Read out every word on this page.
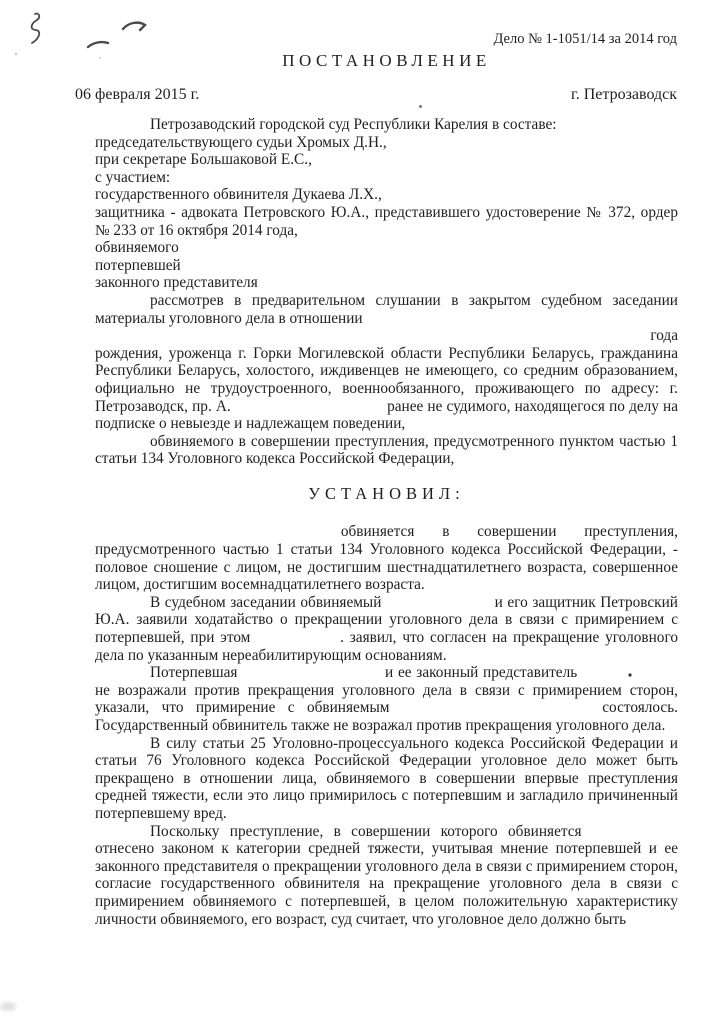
Дело № 1-1051/14 за 2014 год
ПОСТАНОВЛЕНИЕ
06 февраля 2015 г.	г. Петрозаводск
Петрозаводский городской суд Республики Карелия в составе:
председательствующего судьи Хромых Д.Н.,
при секретаре Большаковой Е.С.,
с участием:
государственного обвинителя Дукаева Л.Х.,

защитника - адвоката Петровского Ю.А., представившего удостоверение № 372, ордер № 233 от 16 октября 2014 года,

обвиняемого
потерпевшей
законного представителя

рассмотрев в предварительном слушании в закрытом судебном заседании материалы уголовного дела в отношении

года

рождения, уроженца г. Горки Могилевской области Республики Беларусь, гражданина Республики Беларусь, холостого, иждивенцев не имеющего, со средним образованием, официально не трудоустроенного, военнообязанного, проживающего по адресу: г. Петрозаводск, пр. А.	ранее не судимого, находящегося по делу на подписке о невыезде и надлежащем поведении,

обвиняемого в совершении преступления, предусмотренного пунктом частью 1 статьи 134 Уголовного кодекса Российской Федерации,

УСТАНОВИЛ:

обвиняется в совершении преступления, предусмотренного частью 1 статьи 134 Уголовного кодекса Российской Федерации, - половое сношение с лицом, не достигшим шестнадцатилетнего возраста, совершенное лицом, достигшим восемнадцатилетнего возраста.

В судебном заседании обвиняемый	и его защитник Петровский Ю.А. заявили ходатайство о прекращении уголовного дела в связи с примирением с потерпевшей, при этом	. заявил, что согласен на прекращение уголовного дела по указанным нереабилитирующим основаниям.

Потерпевшая	и ее законный представитель  не возражали против прекращения уголовного дела в связи с примирением сторон, указали, что примирение с обвиняемым	состоялось. Государственный обвинитель также не возражал против прекращения уголовного дела.

В силу статьи 25 Уголовно-процессуального кодекса Российской Федерации и статьи 76 Уголовного кодекса Российской Федерации уголовное дело может быть прекращено в отношении лица, обвиняемого в совершении впервые преступления средней тяжести, если это лицо примирилось с потерпевшим и загладило причиненный потерпевшему вред.

Поскольку преступление, в совершении которого обвиняется

отнесено законом к категории средней тяжести, учитывая мнение потерпевшей и ее законного представителя о прекращении уголовного дела в связи с примирением сторон, согласие государственного обвинителя на прекращение уголовного дела в связи с примирением обвиняемого с потерпевшей, в целом положительную характеристику личности обвиняемого, его возраст, суд считает, что уголовное дело должно быть
